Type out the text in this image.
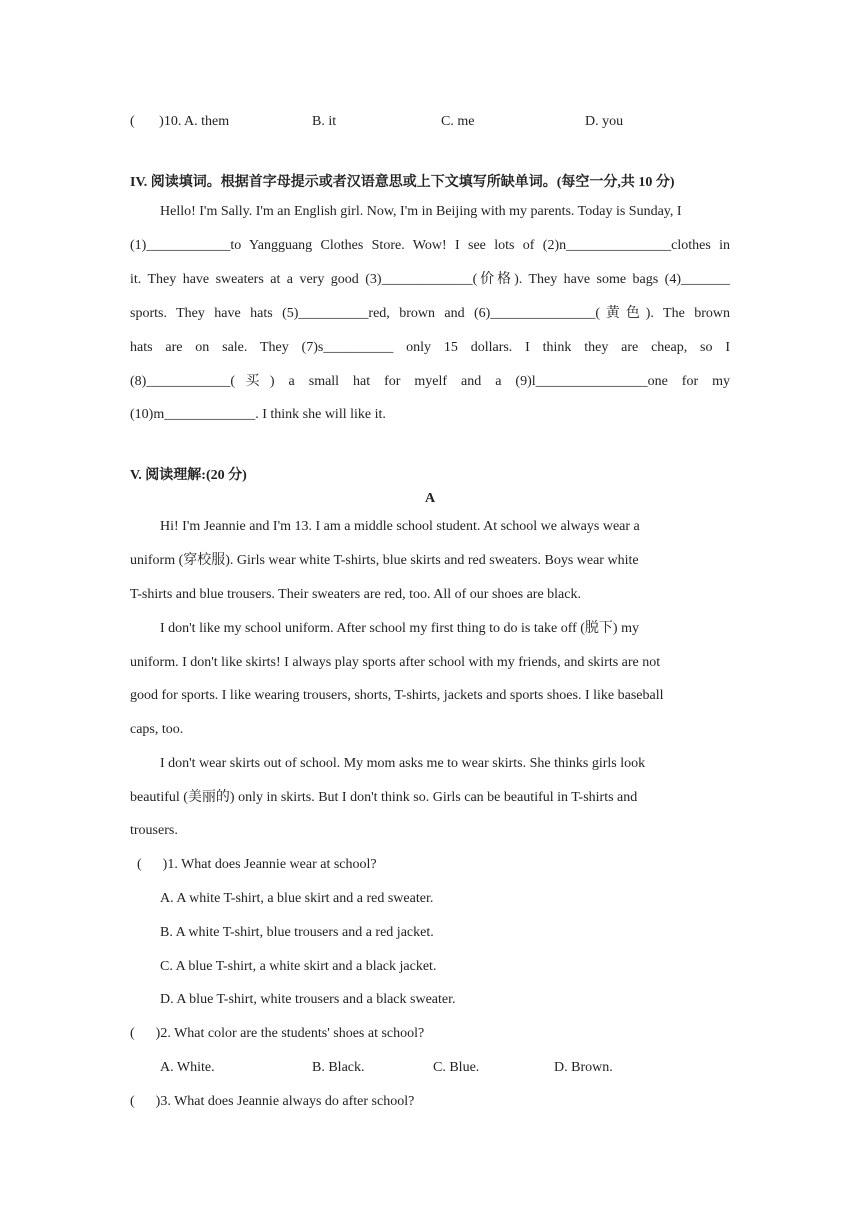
(       )10. A. them	B. it	C. me	D. you
IV. 阅读填词。根据首字母提示或者汉语意思或上下文填写所缺单词。(每空一分,共 10 分)
Hello! I'm Sally. I'm an English girl. Now, I'm in Beijing with my parents. Today is Sunday, I
(1)____________to Yangguang Clothes Store. Wow! I see lots of (2)n_______________clothes in
it. They have sweaters at a very good (3)_____________(价格). They have some bags (4)_______
sports. They have hats (5)__________red, brown and (6)_______________(黄色). The brown
hats are on sale. They (7)s__________ only 15 dollars. I think they are cheap, so I
(8)____________(买) a small hat for myelf and a (9)l________________one for my
(10)m_____________. I think she will like it.
V. 阅读理解:(20 分)
A
Hi! I'm Jeannie and I'm 13. I am a middle school student. At school we always wear a
uniform (穿校服). Girls wear white T-shirts, blue skirts and red sweaters. Boys wear white
T-shirts and blue trousers. Their sweaters are red, too. All of our shoes are black.
I don't like my school uniform. After school my first thing to do is take off (脱下) my
uniform. I don't like skirts! I always play sports after school with my friends, and skirts are not
good for sports. I like wearing trousers, shorts, T-shirts, jackets and sports shoes. I like baseball
caps, too.
I don't wear skirts out of school. My mom asks me to wear skirts. She thinks girls look
beautiful (美丽的) only in skirts. But I don't think so. Girls can be beautiful in T-shirts and
trousers.
(      )1. What does Jeannie wear at school?
A. A white T-shirt, a blue skirt and a red sweater.
B. A white T-shirt, blue trousers and a red jacket.
C. A blue T-shirt, a white skirt and a black jacket.
D. A blue T-shirt, white trousers and a black sweater.
(      )2. What color are the students' shoes at school?
A. White.	B. Black.	C. Blue.	D. Brown.
(      )3. What does Jeannie always do after school?
